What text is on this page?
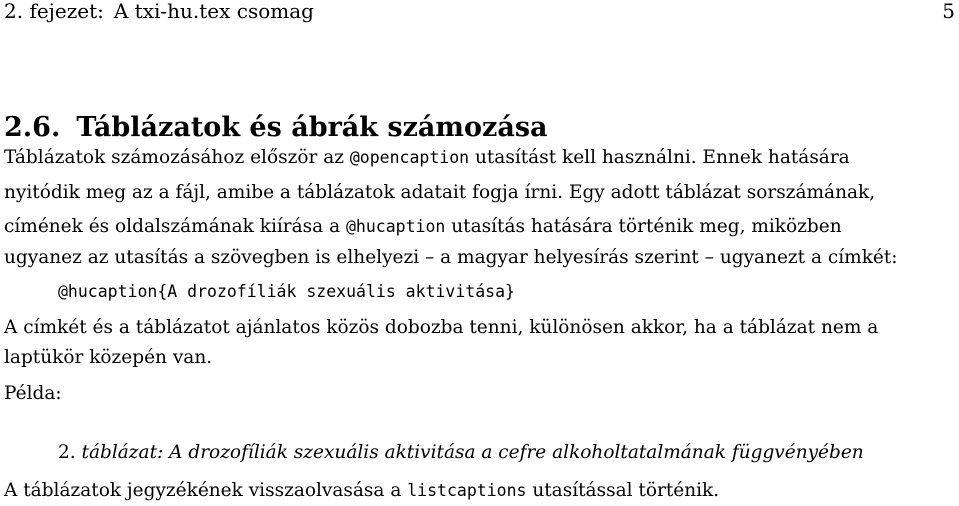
2. fejezet: A txi-hu.tex csomag	5
2.6. Táblázatok és ábrák számozása
Táblázatok számozásához először az @opencaption utasítást kell használni. Ennek hatására
nyitódik meg az a fájl, amibe a táblázatok adatait fogja írni. Egy adott táblázat sorszámának,
címének és oldalszámának kiírása a @hucaption utasítás hatására történik meg, miközben
ugyanez az utasítás a szövegben is elhelyezi – a magyar helyesírás szerint – ugyanezt a címkét:
@hucaption{A drozofíliák szexuális aktivitása}
A címkét és a táblázatot ajánlatos közös dobozba tenni, különösen akkor, ha a táblázat nem a
laptükör közepén van.
Példa:
2. táblázat: A drozofíliák szexuális aktivitása a cefre alkoholtatalmának függvényében
A táblázatok jegyzékének visszaolvasása a listcaptions utasítással történik.
